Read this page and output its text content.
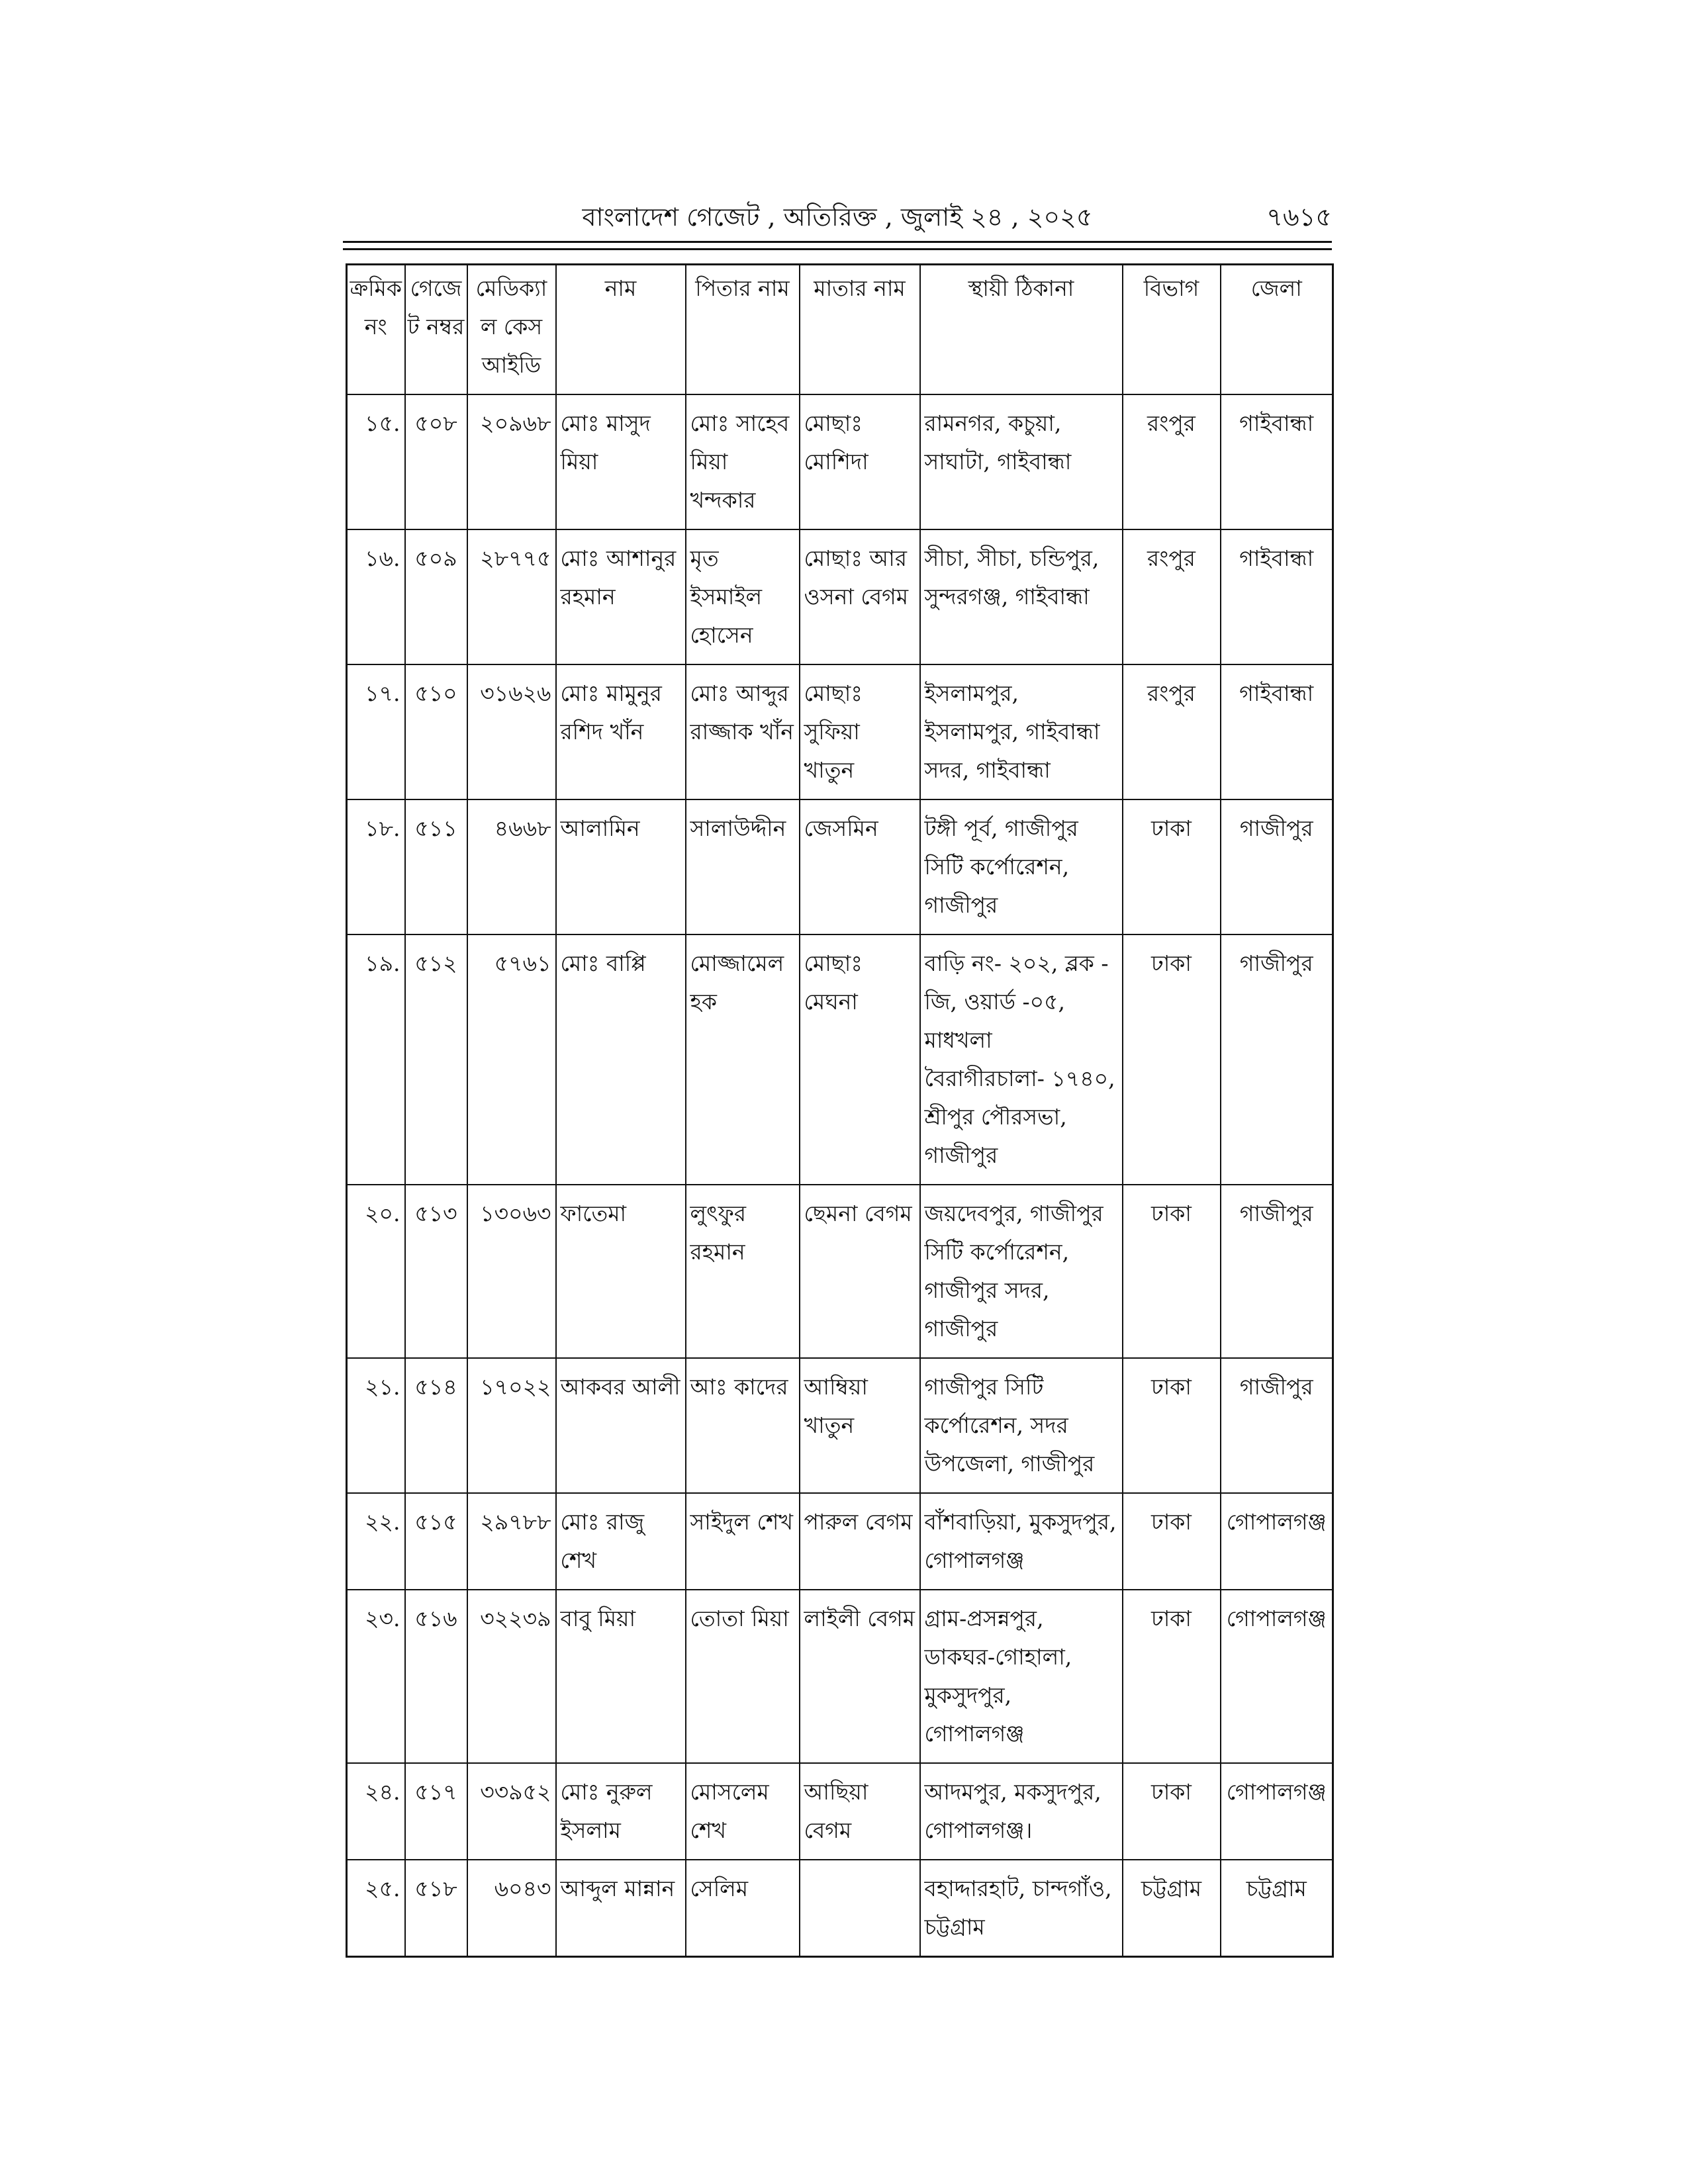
বাংলাদেশ গেজেট , অতিরিক্ত , জুলাই ২৪ , ২০২৫	৭৬১৫
ক্রমিক নং	গেজেট নম্বর	মেডিক্যাল কেস আইডি	নাম	পিতার নাম	মাতার নাম	স্থায়ী ঠিকানা	বিভাগ	জেলা
১৫.	৫০৮	২০৯৬৮	মোঃ মাসুদ মিয়া	মোঃ সাহেব মিয়া খন্দকার	মোছাঃ মোশিদা	রামনগর, কচুয়া, সাঘাটা, গাইবান্ধা	রংপুর	গাইবান্ধা
১৬.	৫০৯	২৮৭৭৫	মোঃ আশানুর রহমান	মৃত ইসমাইল হোসেন	মোছাঃ আর ওসনা বেগম	সীচা, সীচা, চন্ডিপুর, সুন্দরগঞ্জ, গাইবান্ধা	রংপুর	গাইবান্ধা
১৭.	৫১০	৩১৬২৬	মোঃ মামুনুর রশিদ খাঁন	মোঃ আব্দুর রাজ্জাক খাঁন	মোছাঃ সুফিয়া খাতুন	ইসলামপুর, ইসলামপুর, গাইবান্ধা সদর, গাইবান্ধা	রংপুর	গাইবান্ধা
১৮.	৫১১	৪৬৬৮	আলামিন	সালাউদ্দীন	জেসমিন	টঙ্গী পূর্ব, গাজীপুর সিটি কর্পোরেশন, গাজীপুর	ঢাকা	গাজীপুর
১৯.	৫১২	৫৭৬১	মোঃ বাপ্পি	মোজ্জামেল হক	মোছাঃ মেঘনা	বাড়ি নং- ২০২, ব্লক - জি, ওয়ার্ড -০৫, মাধখলা বৈরাগীরচালা- ১৭৪০, শ্রীপুর পৌরসভা, গাজীপুর	ঢাকা	গাজীপুর
২০.	৫১৩	১৩০৬৩	ফাতেমা	লুৎফুর রহমান	ছেমনা বেগম	জয়দেবপুর, গাজীপুর সিটি কর্পোরেশন, গাজীপুর সদর, গাজীপুর	ঢাকা	গাজীপুর
২১.	৫১৪	১৭০২২	আকবর আলী	আঃ কাদের	আম্বিয়া খাতুন	গাজীপুর সিটি কর্পোরেশন, সদর উপজেলা, গাজীপুর	ঢাকা	গাজীপুর
২২.	৫১৫	২৯৭৮৮	মোঃ রাজু শেখ	সাইদুল শেখ	পারুল বেগম	বাঁশবাড়িয়া, মুকসুদপুর, গোপালগঞ্জ	ঢাকা	গোপালগঞ্জ
২৩.	৫১৬	৩২২৩৯	বাবু মিয়া	তোতা মিয়া	লাইলী বেগম	গ্রাম-প্রসন্নপুর, ডাকঘর-গোহালা, মুকসুদপুর, গোপালগঞ্জ	ঢাকা	গোপালগঞ্জ
২৪.	৫১৭	৩৩৯৫২	মোঃ নুরুল ইসলাম	মোসলেম শেখ	আছিয়া বেগম	আদমপুর, মকসুদপুর, গোপালগঞ্জ।	ঢাকা	গোপালগঞ্জ
২৫.	৫১৮	৬০৪৩	আব্দুল মান্নান	সেলিম		বহাদ্দারহাট, চান্দগাঁও, চট্টগ্রাম	চট্টগ্রাম	চট্টগ্রাম
